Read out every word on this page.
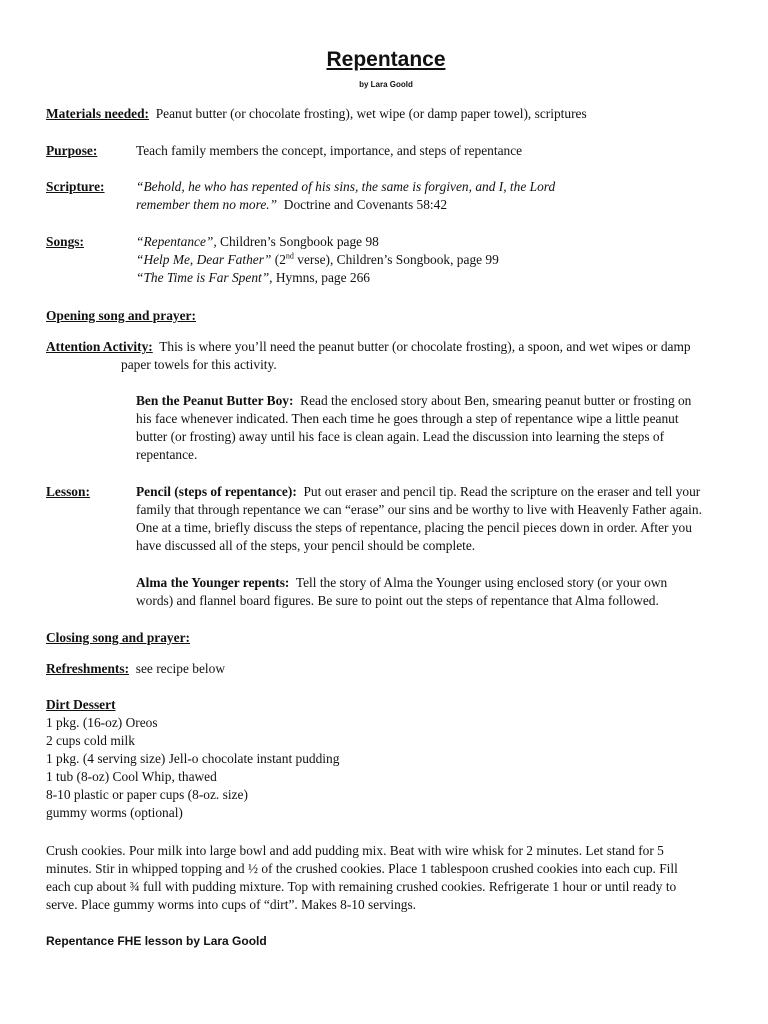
Repentance
by Lara Goold
Materials needed: Peanut butter (or chocolate frosting), wet wipe (or damp paper towel), scriptures
Purpose:	Teach family members the concept, importance, and steps of repentance
Scripture: “Behold, he who has repented of his sins, the same is forgiven, and I, the Lord
remember them no more.” Doctrine and Covenants 58:42
Songs:	“Repentance”, Children’s Songbook page 98
“Help Me, Dear Father” (2nd verse), Children’s Songbook, page 99
“The Time is Far Spent”, Hymns, page 266
Opening song and prayer:
Attention Activity: This is where you’ll need the peanut butter (or chocolate frosting), a spoon, and wet wipes or damp
paper towels for this activity.
Ben the Peanut Butter Boy: Read the enclosed story about Ben, smearing peanut butter or frosting on
his face whenever indicated. Then each time he goes through a step of repentance wipe a little peanut
butter (or frosting) away until his face is clean again. Lead the discussion into learning the steps of
repentance.
Lesson:	Pencil (steps of repentance): Put out eraser and pencil tip. Read the scripture on the eraser and tell your
family that through repentance we can “erase” our sins and be worthy to live with Heavenly Father again.
One at a time, briefly discuss the steps of repentance, placing the pencil pieces down in order. After you
have discussed all of the steps, your pencil should be complete.
Alma the Younger repents: Tell the story of Alma the Younger using enclosed story (or your own
words) and flannel board figures. Be sure to point out the steps of repentance that Alma followed.
Closing song and prayer:
Refreshments: see recipe below
Dirt Dessert
1 pkg. (16-oz) Oreos
2 cups cold milk
1 pkg. (4 serving size) Jell-o chocolate instant pudding
1 tub (8-oz) Cool Whip, thawed
8-10 plastic or paper cups (8-oz. size)
gummy worms (optional)
Crush cookies. Pour milk into large bowl and add pudding mix. Beat with wire whisk for 2 minutes. Let stand for 5
minutes. Stir in whipped topping and ½ of the crushed cookies. Place 1 tablespoon crushed cookies into each cup. Fill
each cup about ¾ full with pudding mixture. Top with remaining crushed cookies. Refrigerate 1 hour or until ready to
serve. Place gummy worms into cups of “dirt”. Makes 8-10 servings.
Repentance FHE lesson by Lara Goold
